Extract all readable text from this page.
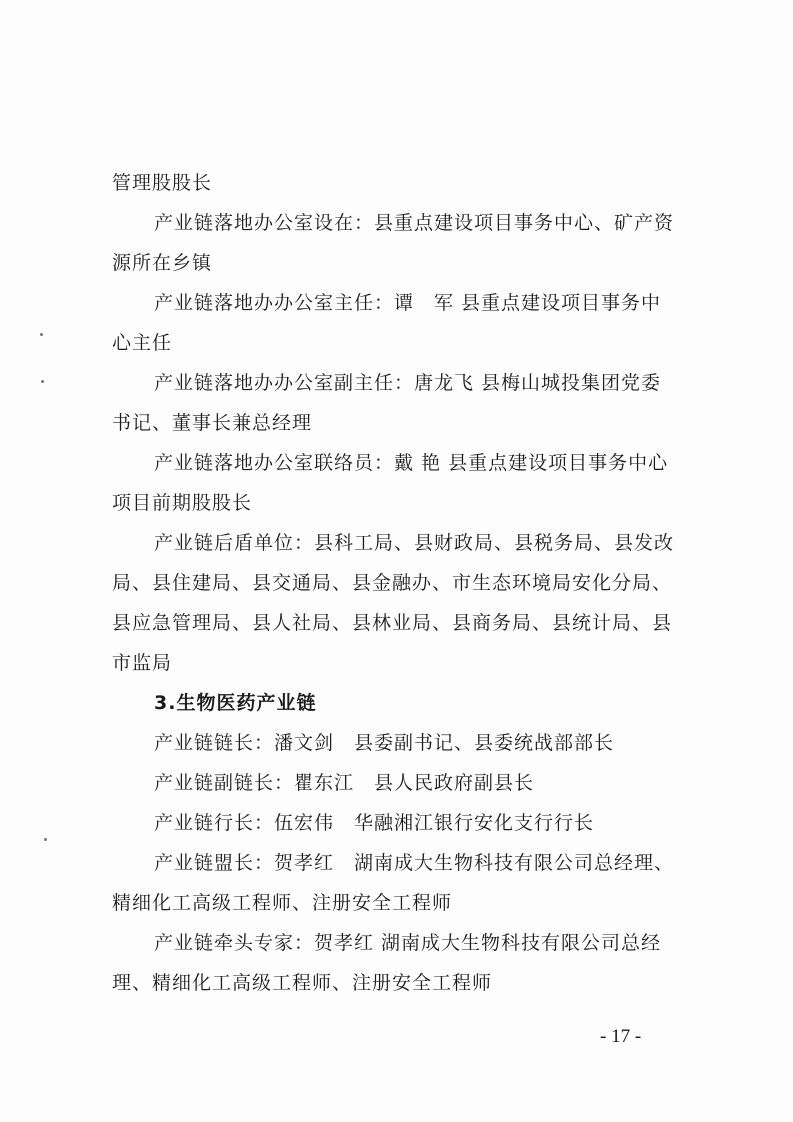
管理股股长
产业链落地办公室设在：县重点建设项目事务中心、矿产资
源所在乡镇
产业链落地办办公室主任：谭　军 县重点建设项目事务中
心主任
产业链落地办办公室副主任：唐龙飞 县梅山城投集团党委
书记、董事长兼总经理
产业链落地办公室联络员：戴 艳 县重点建设项目事务中心
项目前期股股长
产业链后盾单位：县科工局、县财政局、县税务局、县发改
局、县住建局、县交通局、县金融办、市生态环境局安化分局、
县应急管理局、县人社局、县林业局、县商务局、县统计局、县
市监局
3.生物医药产业链
产业链链长：潘文剑　县委副书记、县委统战部部长
产业链副链长：瞿东江　县人民政府副县长
产业链行长：伍宏伟　华融湘江银行安化支行行长
产业链盟长：贺孝红　湖南成大生物科技有限公司总经理、
精细化工高级工程师、注册安全工程师
产业链牵头专家：贺孝红 湖南成大生物科技有限公司总经
理、精细化工高级工程师、注册安全工程师
- 17 -
